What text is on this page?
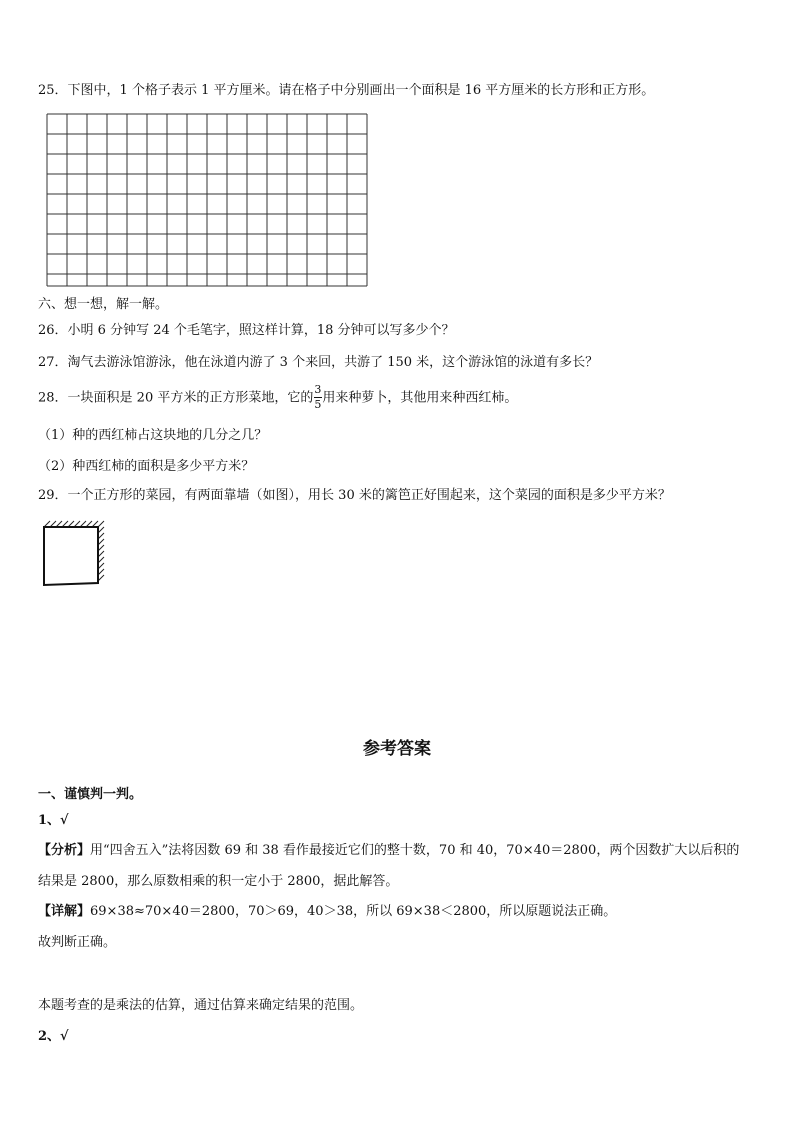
25．下图中，1 个格子表示 1 平方厘米。请在格子中分别画出一个面积是 16 平方厘米的长方形和正方形。
六、想一想，解一解。
26．小明 6 分钟写 24 个毛笔字，照这样计算，18 分钟可以写多少个？
27．淘气去游泳馆游泳，他在泳道内游了 3 个来回，共游了 150 米，这个游泳馆的泳道有多长？
28．一块面积是 20 平方米的正方形菜地，它的 $\frac{3}{5}$ 用来种萝卜，其他用来种西红柿。
（1）种的西红柿占这块地的几分之几？
（2）种西红柿的面积是多少平方米？
29．一个正方形的菜园，有两面靠墙（如图），用长 30 米的篱笆正好围起来，这个菜园的面积是多少平方米？
参考答案
一、谨慎判一判。
1、√
【分析】用“四舍五入”法将因数 69 和 38 看作最接近它们的整十数，70 和 40，70×40＝2800，两个因数扩大以后积的
结果是 2800，那么原数相乘的积一定小于 2800，据此解答。
【详解】69×38≈70×40＝2800，70＞69，40＞38，所以 69×38＜2800，所以原题说法正确。
故判断正确。
本题考查的是乘法的估算，通过估算来确定结果的范围。
2、√
